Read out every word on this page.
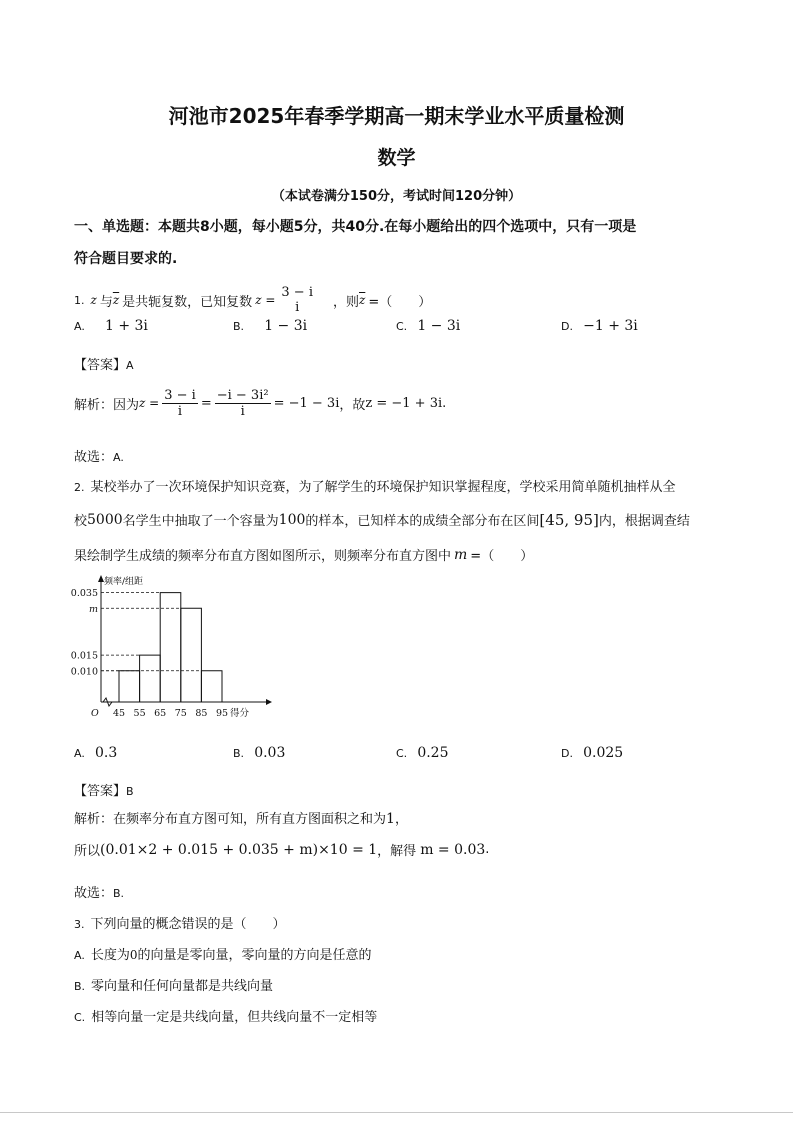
河池市2025年春季学期高一期末学业水平质量检测
数学
（本试卷满分150分，考试时间120分钟）
一、单选题：本题共8小题，每小题5分，共40分.在每小题给出的四个选项中，只有一项是
符合题目要求的.
1. z 与 $\overline{z}$ 是共轭复数，已知复数 z = 3 − i
i	，则 $\overline{z}$ =（　　）
A. 1 + 3i	B. 1 − 3i	C. 1 − 3i	D. −1 + 3i
【答案】A
解析：因为 $z = \frac{3 - i}{i} = \frac{\text{−i − 3i²}}{i} = -1 - 3i$ ，故 z = −1 + 3i .
故选：A.
2. 某校举办了一次环境保护知识竞赛，为了解学生的环境保护知识掌握程度，学校采用简单随机抽样从全
校 5000 名学生中抽取了一个容量为 100 的样本，已知样本的成绩全部分布在区间 [45, 95] 内，根据调查结
果绘制学生成绩的频率分布直方图如图所示，则频率分布直方图中 m =（　　）
0.035
m
0.015
0.010
45 55 65 75 85 95
O	得分
频率/组距
A. 0.3	B. 0.03	C. 0.25	D. 0.025
【答案】B
解析：在频率分布直方图可知，所有直方图面积之和为1，
所以 (0.01×2 + 0.015 + 0.035 + m)×10 = 1 ，解得 m = 0.03 .
故选：B.
3. 下列向量的概念错误的是（　　）
A. 长度为0的向量是零向量，零向量的方向是任意的
B. 零向量和任何向量都是共线向量
C. 相等向量一定是共线向量，但共线向量不一定相等
